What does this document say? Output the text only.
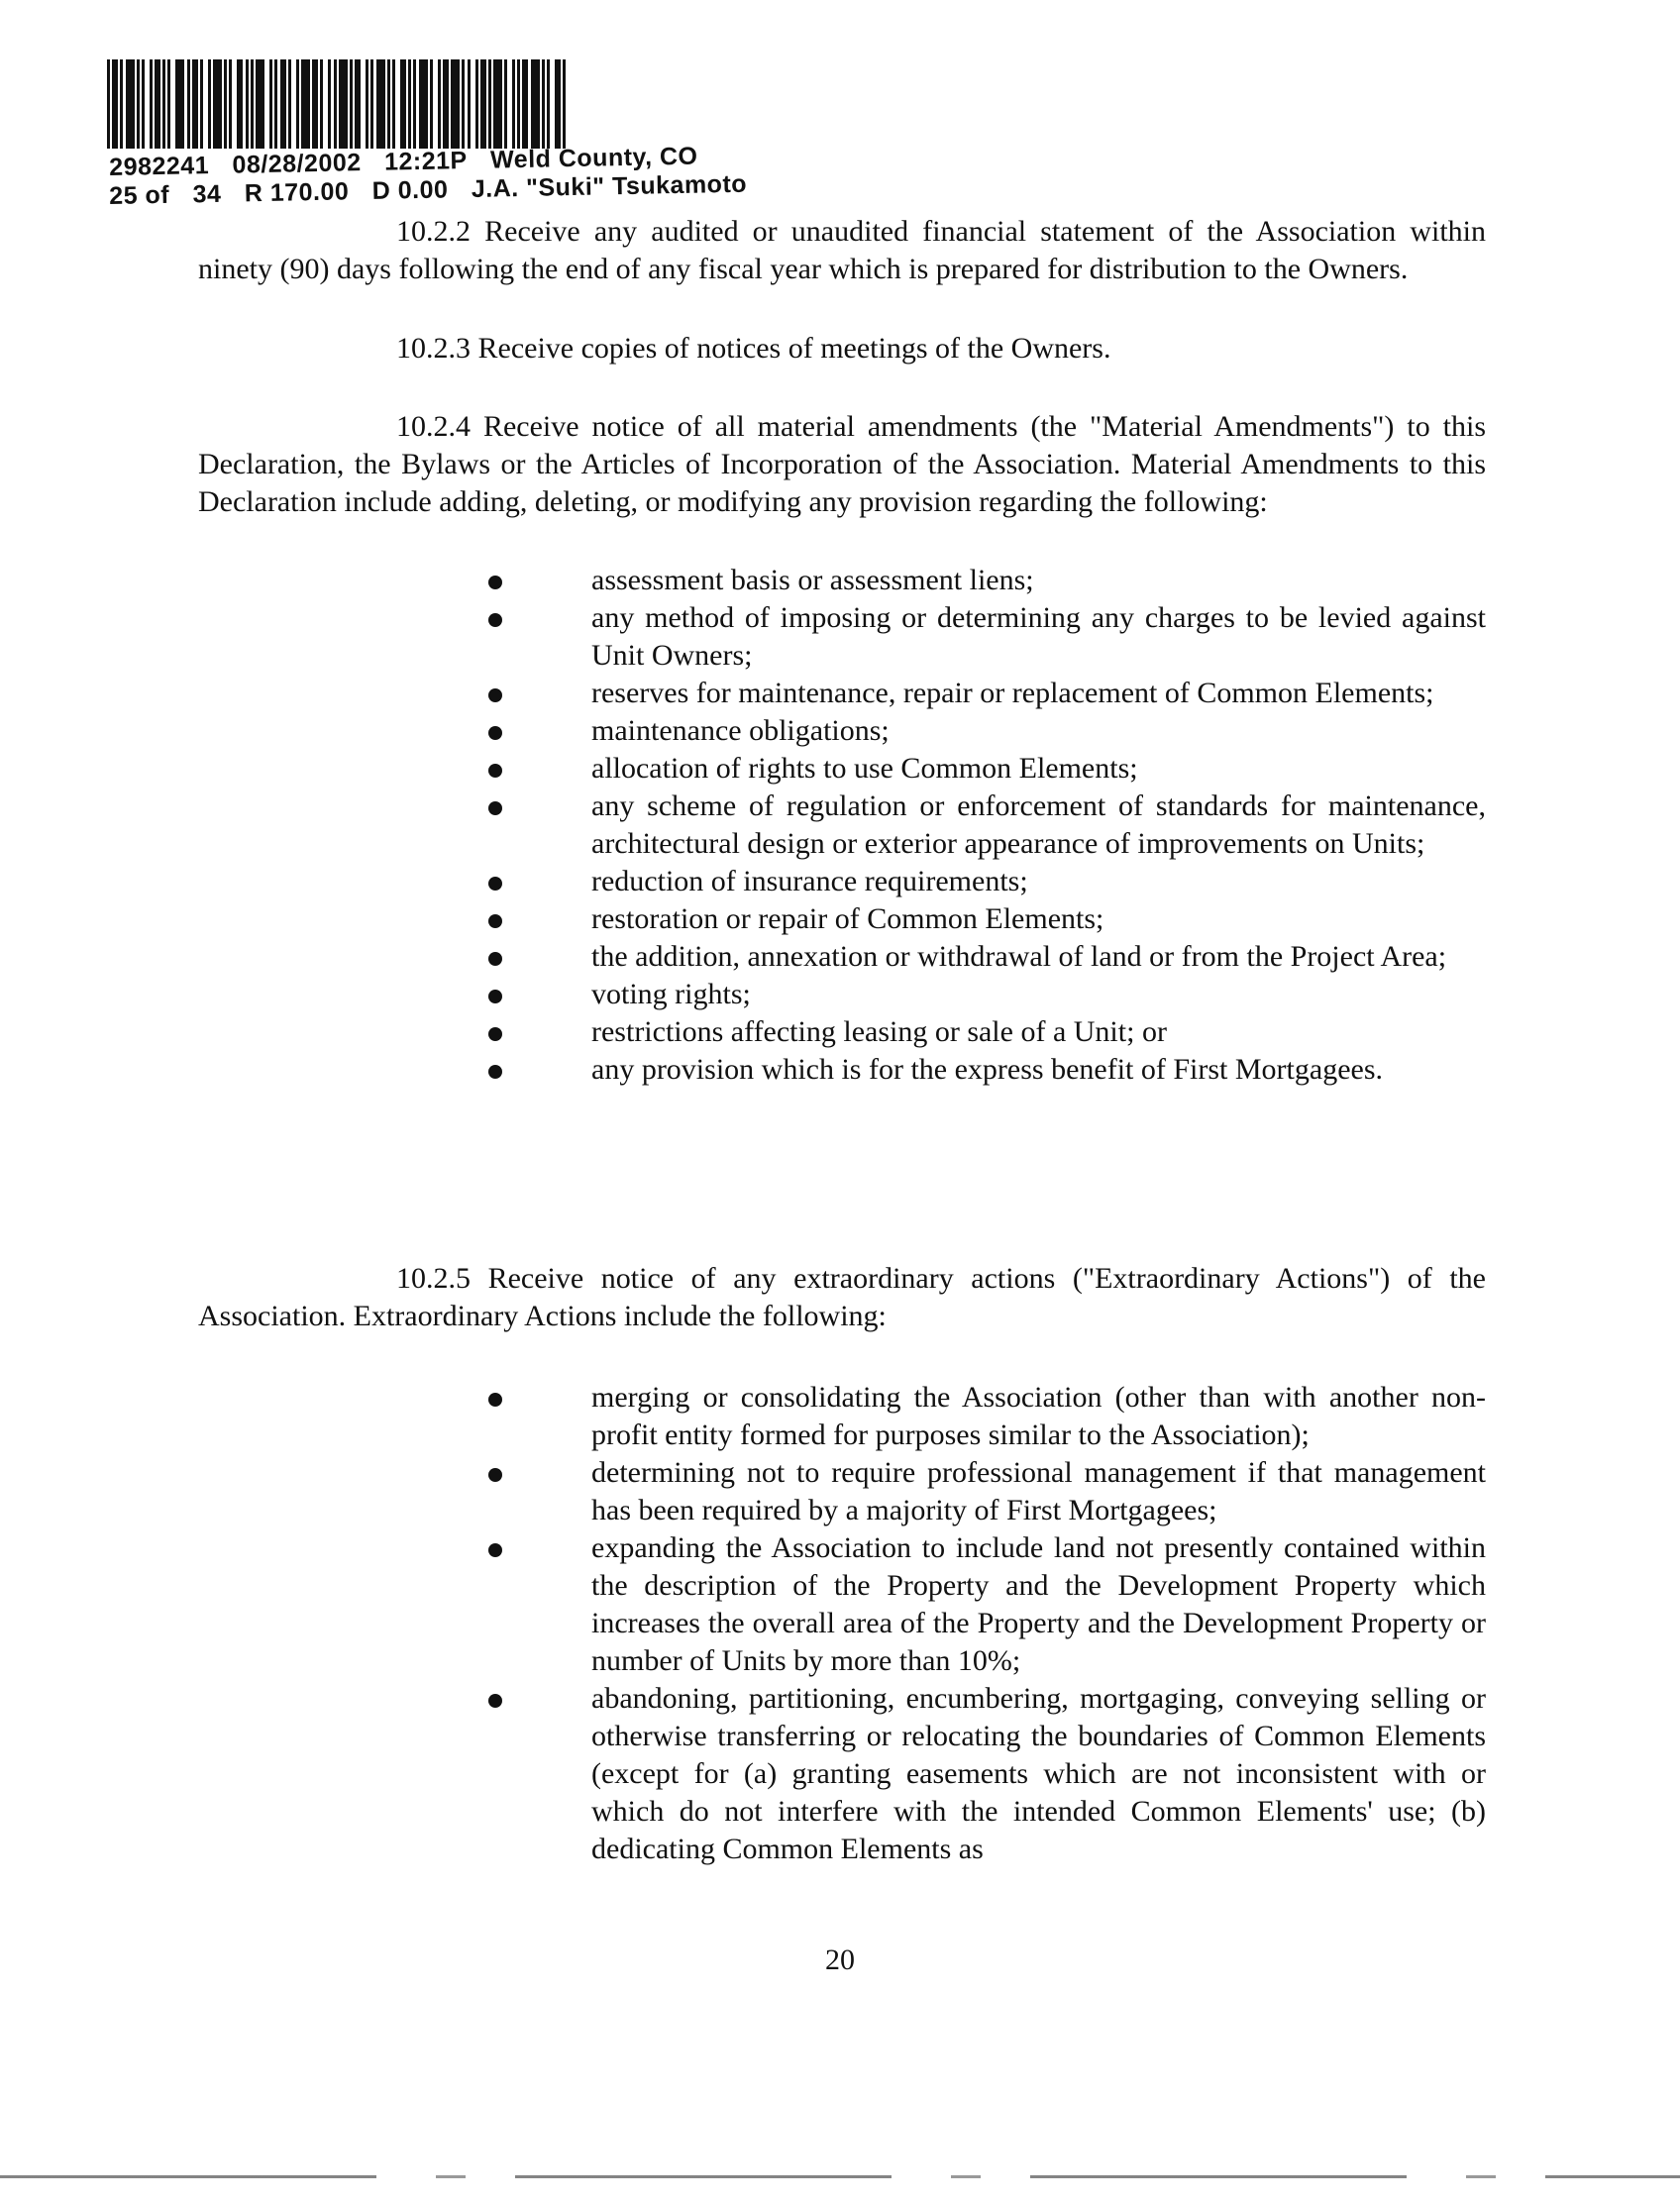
2982241 08/28/2002 12:21P Weld County, CO
25 of 34 R 170.00 D 0.00 J.A. "Suki" Tsukamoto

10.2.2 Receive any audited or unaudited financial statement of the Association within ninety (90) days following the end of any fiscal year which is prepared for distribution to the Owners.

10.2.3 Receive copies of notices of meetings of the Owners.

10.2.4 Receive notice of all material amendments (the "Material Amendments") to this Declaration, the Bylaws or the Articles of Incorporation of the Association. Material Amendments to this Declaration include adding, deleting, or modifying any provision regarding the following:

assessment basis or assessment liens;
any method of imposing or determining any charges to be levied against Unit Owners;
reserves for maintenance, repair or replacement of Common Elements;
maintenance obligations;
allocation of rights to use Common Elements;
any scheme of regulation or enforcement of standards for maintenance, architectural design or exterior appearance of improvements on Units;
reduction of insurance requirements;
restoration or repair of Common Elements;
the addition, annexation or withdrawal of land or from the Project Area;
voting rights;
restrictions affecting leasing or sale of a Unit; or
any provision which is for the express benefit of First Mortgagees.

10.2.5 Receive notice of any extraordinary actions ("Extraordinary Actions") of the Association. Extraordinary Actions include the following:

merging or consolidating the Association (other than with another non-profit entity formed for purposes similar to the Association);
determining not to require professional management if that management has been required by a majority of First Mortgagees;
expanding the Association to include land not presently contained within the description of the Property and the Development Property which increases the overall area of the Property and the Development Property or number of Units by more than 10%;
abandoning, partitioning, encumbering, mortgaging, conveying selling or otherwise transferring or relocating the boundaries of Common Elements (except for (a) granting easements which are not inconsistent with or which do not interfere with the intended Common Elements' use; (b) dedicating Common Elements as
20
